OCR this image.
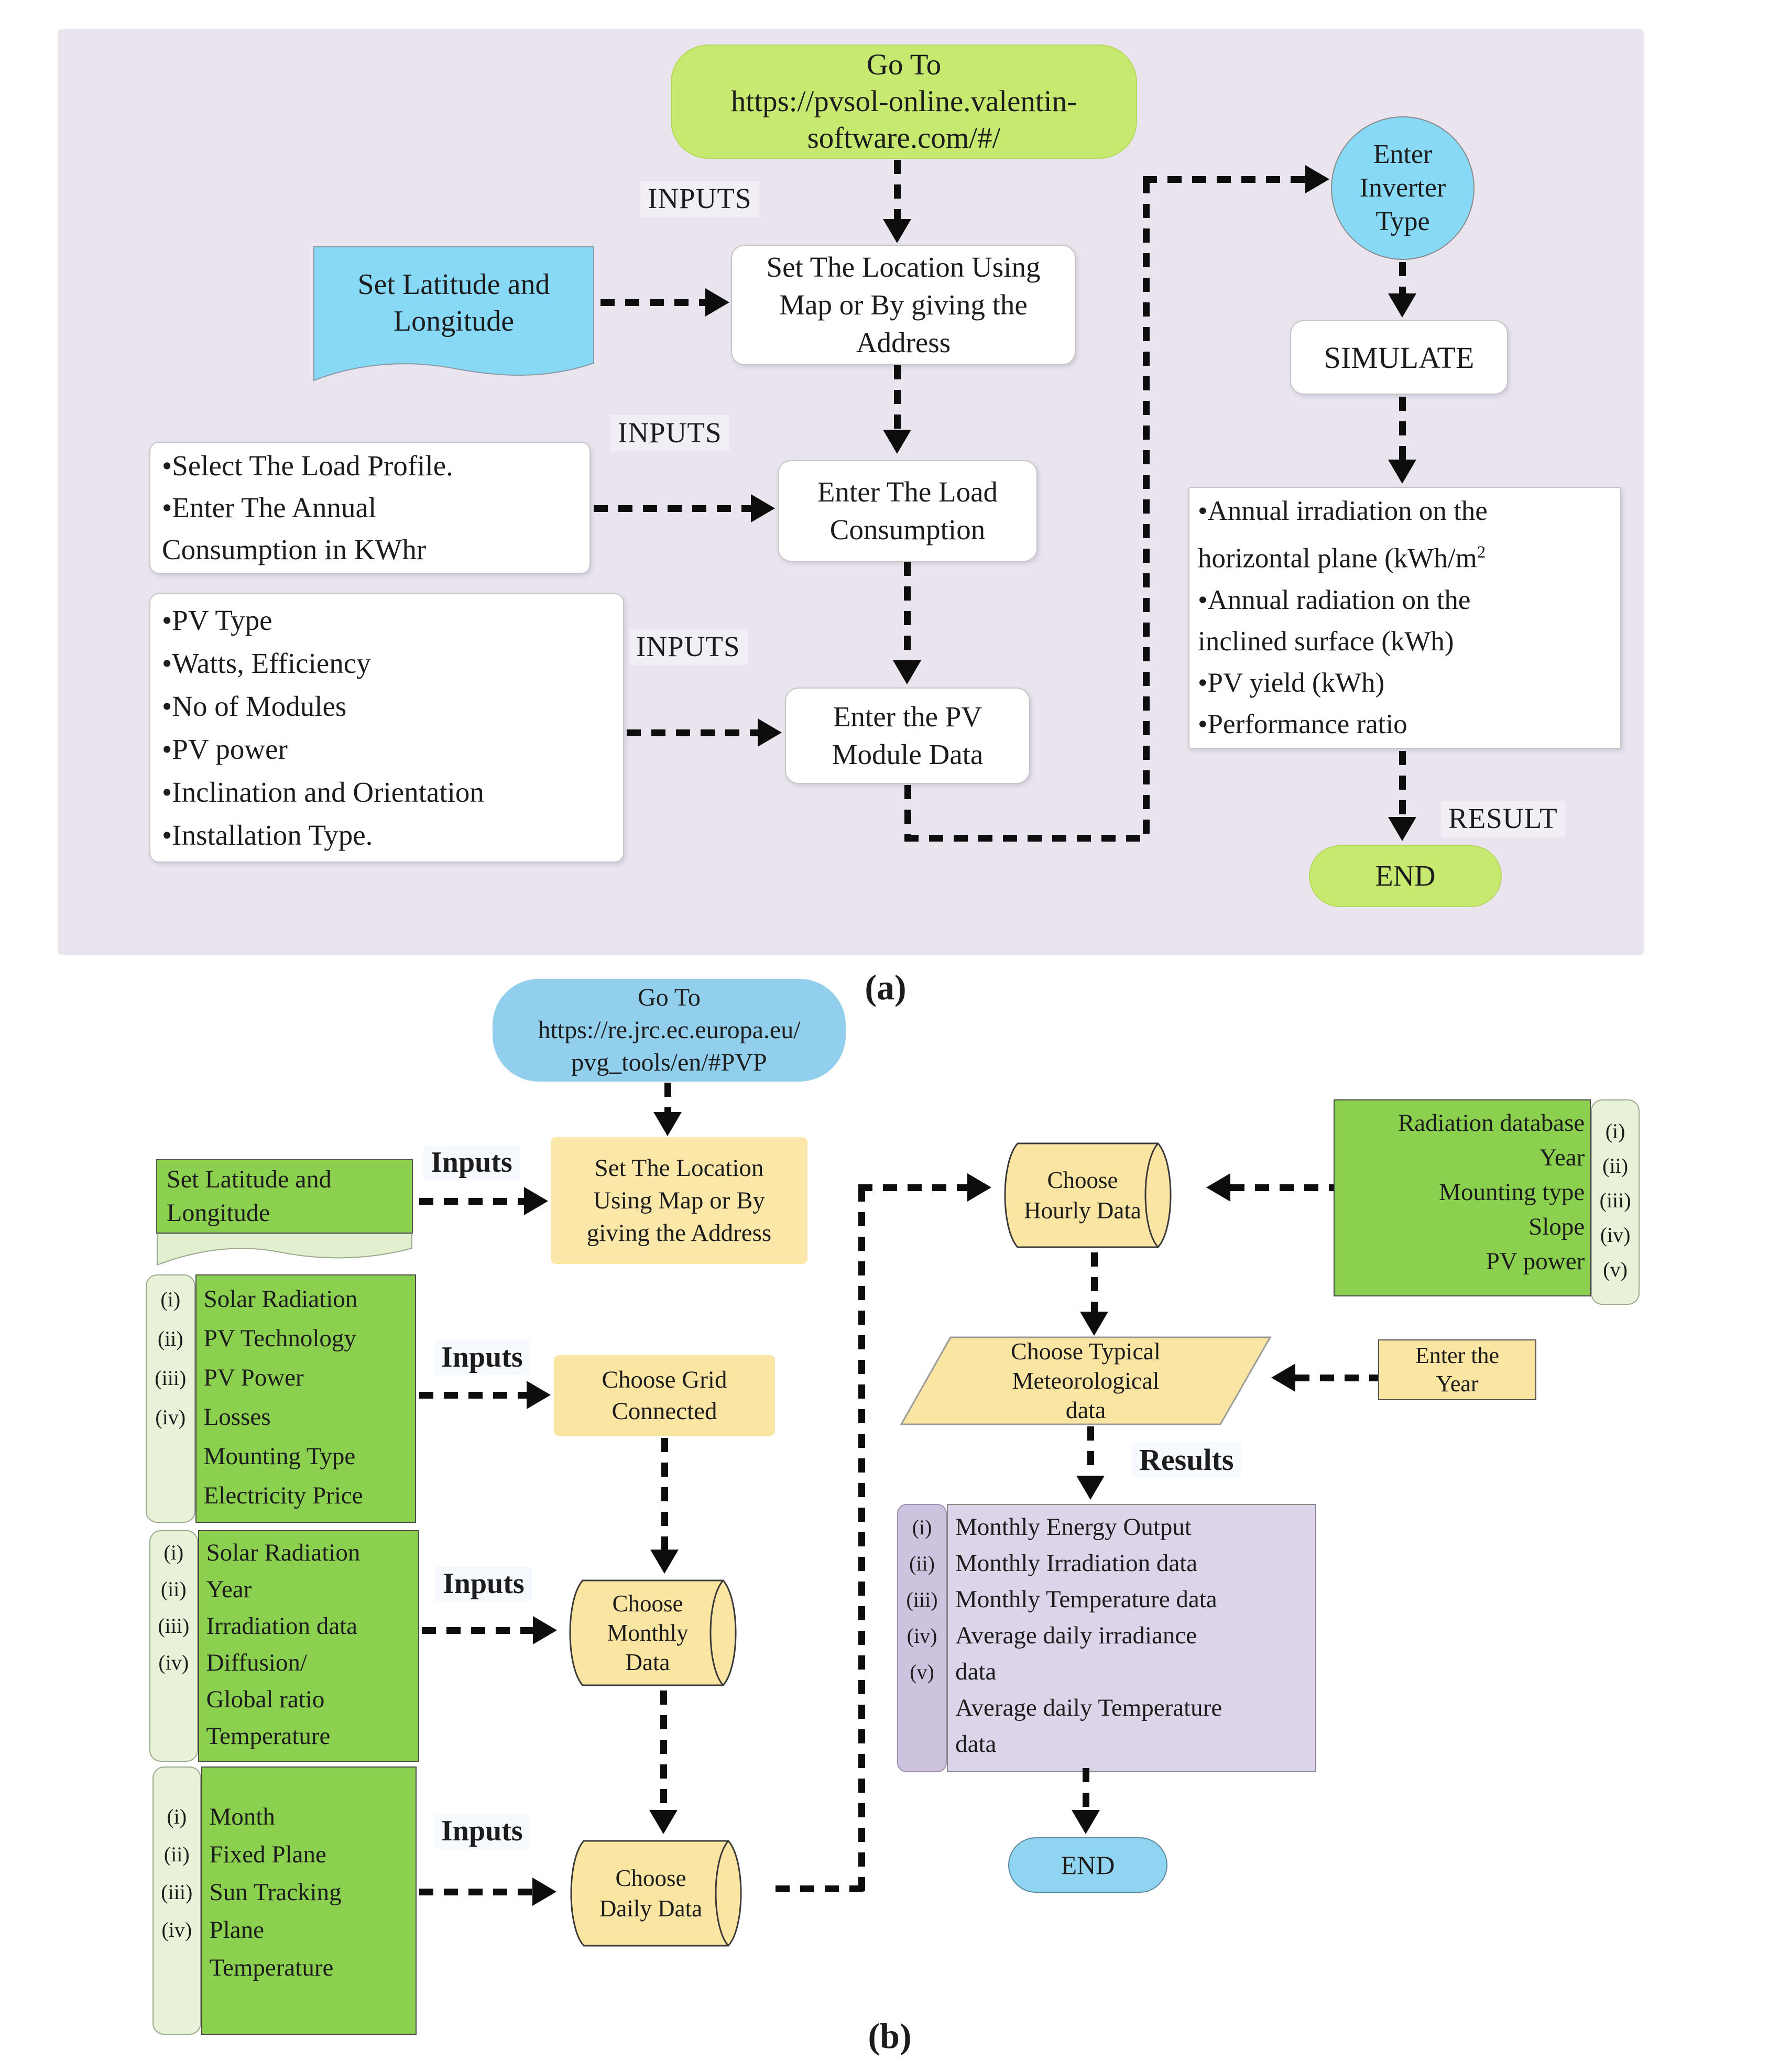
Go To
https://pvsol-online.valentin-
software.com/#/
INPUTS
Set Latitude and
Longitude
Set The Location Using
Map or By giving the
Address
INPUTS
•Select The Load Profile.
•Enter The Annual
Consumption in KWhr
Enter The Load
Consumption
INPUTS
•PV Type
•Watts, Efficiency
•No of Modules
•PV power
•Inclination and Orientation
•Installation Type.
Enter the PV
Module Data
Enter
Inverter
Type
SIMULATE
•Annual irradiation on the
horizontal plane ($kWh/m^2$
•Annual radiation on the
inclined surface (kWh)
•PV yield (kWh)
•Performance ratio
RESULT
END
(a)
Go To
https://re.jrc.ec.europa.eu/
pvg_tools/en/#PVP
Set The Location
Using Map or By
giving the Address
Set Latitude and
Longitude
Inputs
(i)
(ii)
(iii)
(iv)
Solar Radiation
PV Technology
PV Power
Losses
Mounting Type
Electricity Price
Inputs
Choose Grid
Connected
(i)
(ii)
(iii)
(iv)
Solar Radiation
Year
Irradiation data
Diffusion/
Global ratio
Temperature
Inputs
Choose
Monthly
Data
(i)
(ii)
(iii)
(iv)
Month
Fixed Plane
Sun Tracking
Plane
Temperature
Inputs
Choose
Daily Data
Choose
Hourly Data
Radiation database
Year
Mounting type
Slope
PV power
(i)
(ii)
(iii)
(iv)
(v)
Choose Typical
Meteorological
data
Enter the
Year
Results
(i)
(ii)
(iii)
(iv)
(v)
Monthly Energy Output
Monthly Irradiation data
Monthly Temperature data
Average daily irradiance
data
Average daily Temperature
data
END
(b)
